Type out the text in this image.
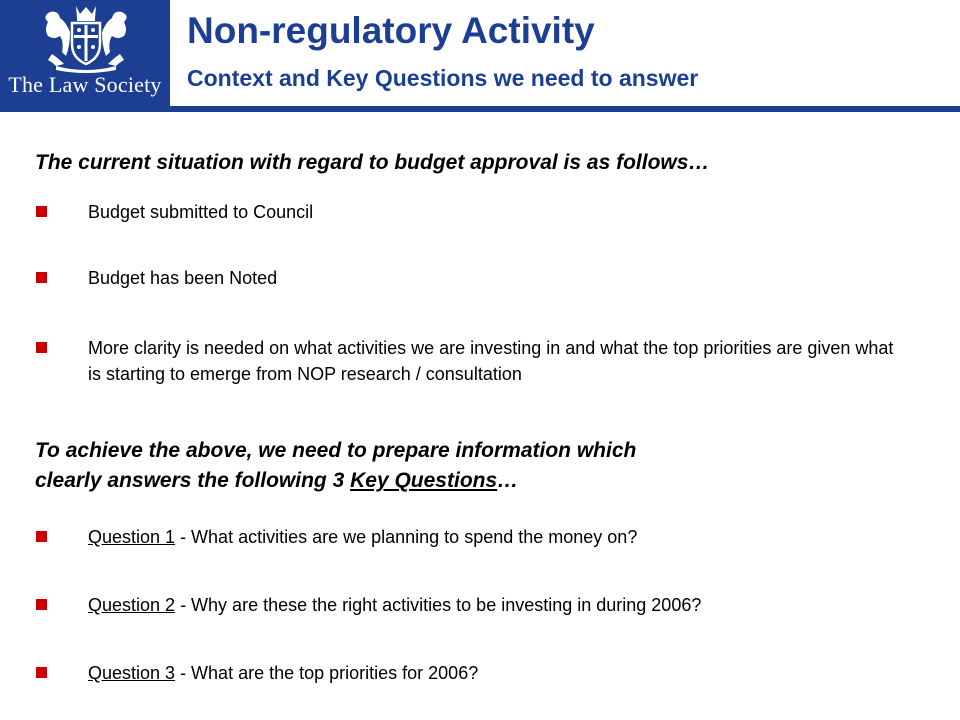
The Law Society
Non-regulatory Activity
Context and Key Questions we need to answer
The current situation with regard to budget approval is as follows…
Budget submitted to Council
Budget has been Noted
More clarity is needed on what activities we are investing in and what the top priorities are given what is starting to emerge from NOP research / consultation
To achieve the above, we need to prepare information which
clearly answers the following 3 Key Questions…
Question 1 - What activities are we planning to spend the money on?
Question 2 - Why are these the right activities to be investing in during 2006?
Question 3 - What are the top priorities for 2006?
